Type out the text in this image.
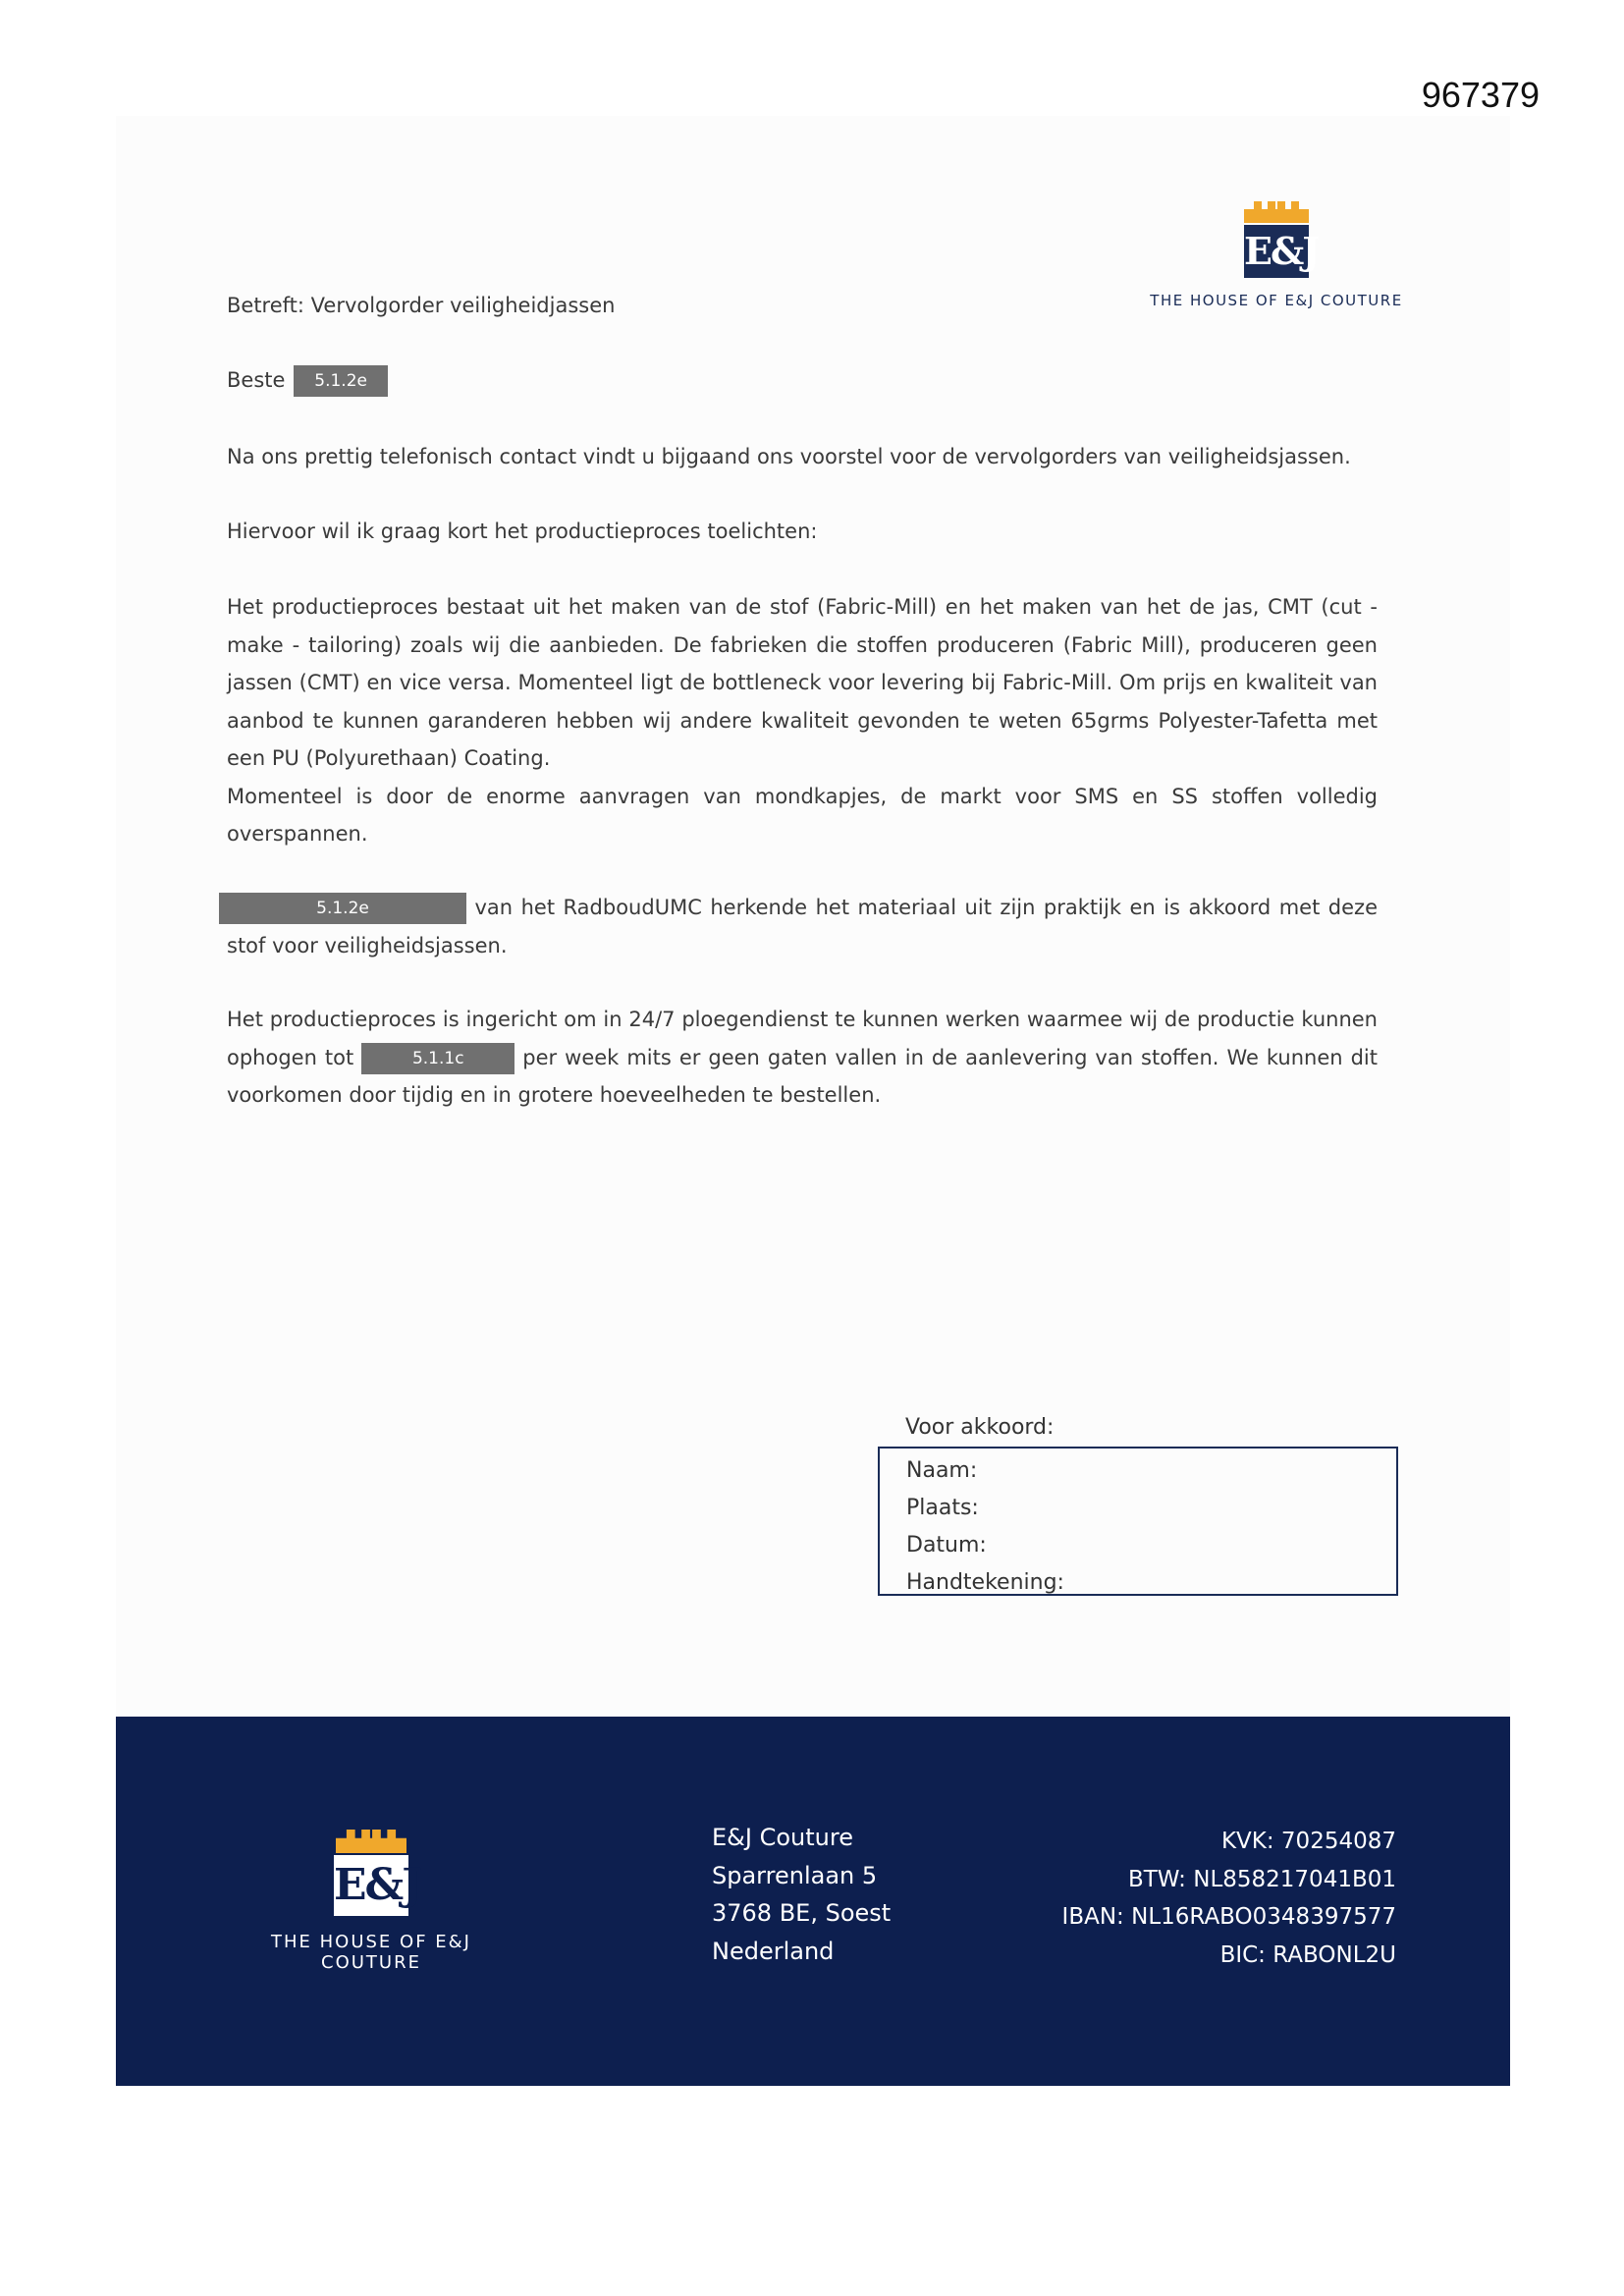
967379
E&J
THE HOUSE OF E&J COUTURE
Betreft: Vervolgorder veiligheidjassen
Beste 5.1.2e

Na ons prettig telefonisch contact vindt u bijgaand ons voorstel voor de vervolgorders van veiligheidsjassen.

Hiervoor wil ik graag kort het productieproces toelichten:

Het productieproces bestaat uit het maken van de stof (Fabric-Mill) en het maken van het de jas, CMT (cut - make - tailoring) zoals wij die aanbieden. De fabrieken die stoffen produceren (Fabric Mill), produceren geen jassen (CMT) en vice versa. Momenteel ligt de bottleneck voor levering bij Fabric-Mill. Om prijs en kwaliteit van aanbod te kunnen garanderen hebben wij andere kwaliteit gevonden te weten 65grms Polyester-Tafetta met een PU (Polyurethaan) Coating.

Momenteel is door de enorme aanvragen van mondkapjes, de markt voor SMS en SS stoffen volledig overspannen.

5.1.2e	van het RadboudUMC herkende het materiaal uit zijn praktijk en is akkoord met deze stof voor veiligheidsjassen.
Het productieproces is ingericht om in 24/7 ploegendienst te kunnen werken waarmee wij de productie kunnen ophogen tot	5.1.1c	per week mits er geen gaten vallen in de aanlevering van stoffen. We kunnen dit voorkomen door tijdig en in grotere hoeveelheden te bestellen.
Voor akkoord:
Naam:
Plaats:
Datum:
Handtekening:
E&J
THE HOUSE OF E&J COUTURE
E&J Couture
Sparrenlaan 5
3768 BE, Soest
Nederland
KVK: 70254087
BTW: NL858217041B01
IBAN: NL16RABO0348397577
BIC: RABONL2U
